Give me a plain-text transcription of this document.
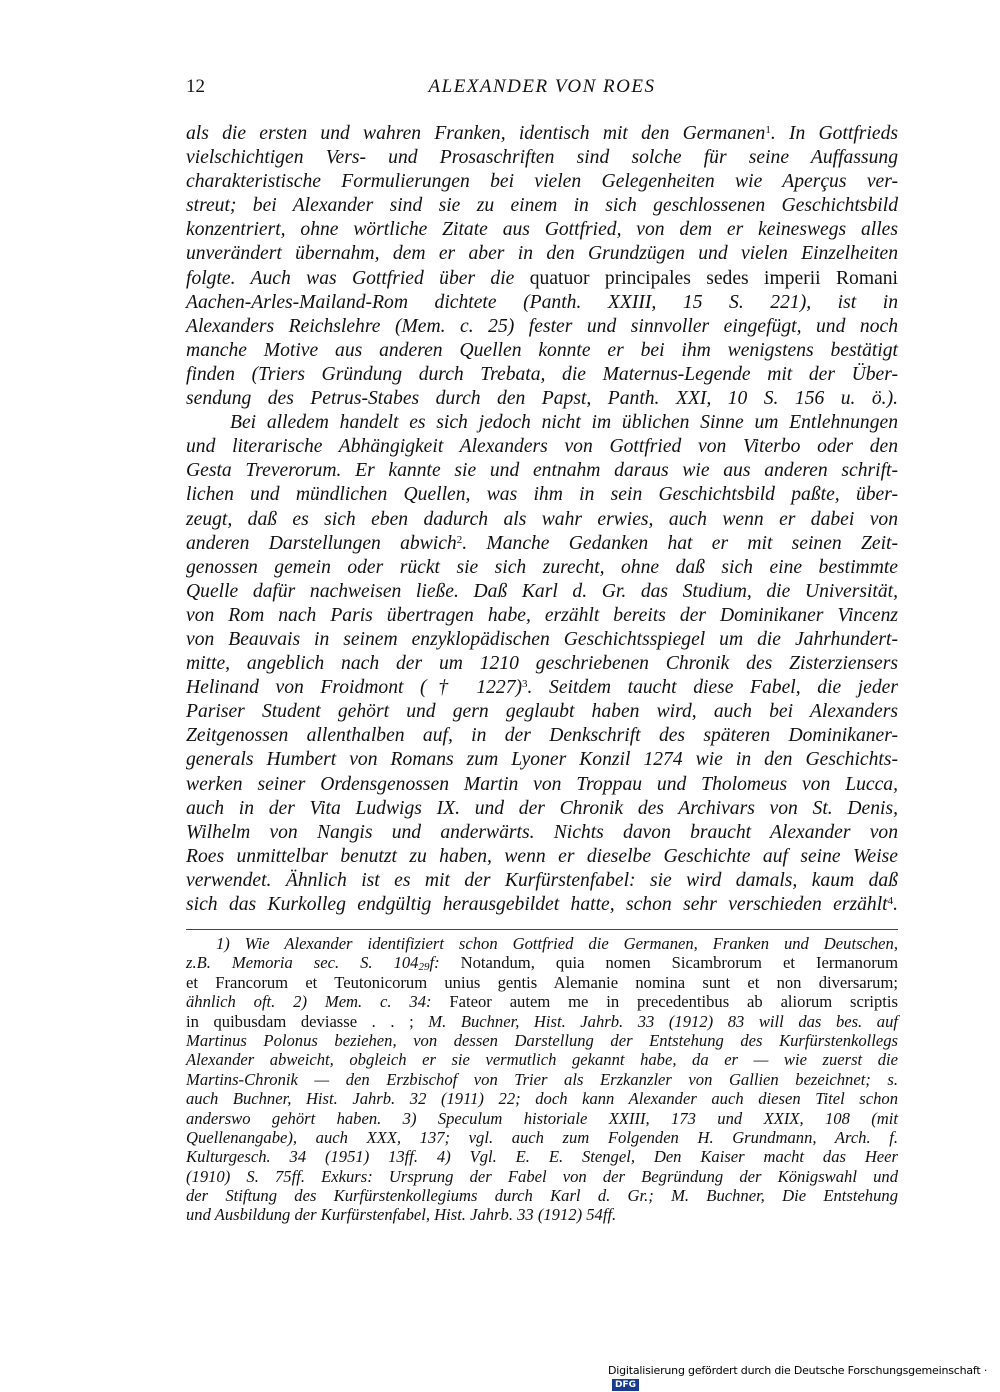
12	ALEXANDER VON ROES
als die ersten und wahren Franken, identisch mit den Germanen$^1$. In Gottfrieds
vielschichtigen Vers- und Prosaschriften sind solche für seine Auffassung
charakteristische Formulierungen bei vielen Gelegenheiten wie Aperçus ver-
streut; bei Alexander sind sie zu einem in sich geschlossenen Geschichtsbild
konzentriert, ohne wörtliche Zitate aus Gottfried, von dem er keineswegs alles
unverändert übernahm, dem er aber in den Grundzügen und vielen Einzelheiten
folgte. Auch was Gottfried über die quatuor principales sedes imperii Romani
Aachen-Arles-Mailand-Rom dichtete (Panth. XXIII, 15 S. 221), ist in
Alexanders Reichslehre (Mem. c. 25) fester und sinnvoller eingefügt, und noch
manche Motive aus anderen Quellen konnte er bei ihm wenigstens bestätigt
finden (Triers Gründung durch Trebata, die Maternus-Legende mit der Über-
sendung des Petrus-Stabes durch den Papst, Panth. XXI, 10 S. 156 u. ö.).
Bei alledem handelt es sich jedoch nicht im üblichen Sinne um Entlehnungen
und literarische Abhängigkeit Alexanders von Gottfried von Viterbo oder den
Gesta Treverorum. Er kannte sie und entnahm daraus wie aus anderen schrift-
lichen und mündlichen Quellen, was ihm in sein Geschichtsbild paßte, über-
zeugt, daß es sich eben dadurch als wahr erwies, auch wenn er dabei von
anderen Darstellungen abwich$^2$. Manche Gedanken hat er mit seinen Zeit-
genossen gemein oder rückt sie sich zurecht, ohne daß sich eine bestimmte
Quelle dafür nachweisen ließe. Daß Karl d. Gr. das Studium, die Universität,
von Rom nach Paris übertragen habe, erzählt bereits der Dominikaner Vincenz
von Beauvais in seinem enzyklopädischen Geschichtsspiegel um die Jahrhundert-
mitte, angeblich nach der um 1210 geschriebenen Chronik des Zisterziensers
Helinand von Froidmont († 1227)$^3$. Seitdem taucht diese Fabel, die jeder
Pariser Student gehört und gern geglaubt haben wird, auch bei Alexanders
Zeitgenossen allenthalben auf, in der Denkschrift des späteren Dominikaner-
generals Humbert von Romans zum Lyoner Konzil 1274 wie in den Geschichts-
werken seiner Ordensgenossen Martin von Troppau und Tholomeus von Lucca,
auch in der Vita Ludwigs IX. und der Chronik des Archivars von St. Denis,
Wilhelm von Nangis und anderwärts. Nichts davon braucht Alexander von
Roes unmittelbar benutzt zu haben, wenn er dieselbe Geschichte auf seine Weise
verwendet. Ähnlich ist es mit der Kurfürstenfabel: sie wird damals, kaum daß
sich das Kurkolleg endgültig herausgebildet hatte, schon sehr verschieden erzählt$^4$.
1) Wie Alexander identifiziert schon Gottfried die Germanen, Franken und Deutschen,
z.B. Memoria sec. S. 10429f: Notandum, quia nomen Sicambrorum et Iermanorum
et Francorum et Teutonicorum unius gentis Alemanie nomina sunt et non diversarum;
ähnlich oft. 2) Mem. c. 34: Fateor autem me in precedentibus ab aliorum scriptis
in quibusdam deviasse . . ; M. Buchner, Hist. Jahrb. 33 (1912) 83 will das bes. auf
Martinus Polonus beziehen, von dessen Darstellung der Entstehung des Kurfürstenkollegs
Alexander abweicht, obgleich er sie vermutlich gekannt habe, da er — wie zuerst die
Martins-Chronik — den Erzbischof von Trier als Erzkanzler von Gallien bezeichnet; s.
auch Buchner, Hist. Jahrb. 32 (1911) 22; doch kann Alexander auch diesen Titel schon
anderswo gehört haben. 3) Speculum historiale XXIII, 173 und XXIX, 108 (mit
Quellenangabe), auch XXX, 137; vgl. auch zum Folgenden H. Grundmann, Arch. f.
Kulturgesch. 34 (1951) 13ff. 4) Vgl. E. E. Stengel, Den Kaiser macht das Heer
(1910) S. 75ff. Exkurs: Ursprung der Fabel von der Begründung der Königswahl und
der Stiftung des Kurfürstenkollegiums durch Karl d. Gr.; M. Buchner, Die Entstehung
und Ausbildung der Kurfürstenfabel, Hist. Jahrb. 33 (1912) 54ff.
Digitalisierung gefördert durch die Deutsche Forschungsgemeinschaft ·DFG
